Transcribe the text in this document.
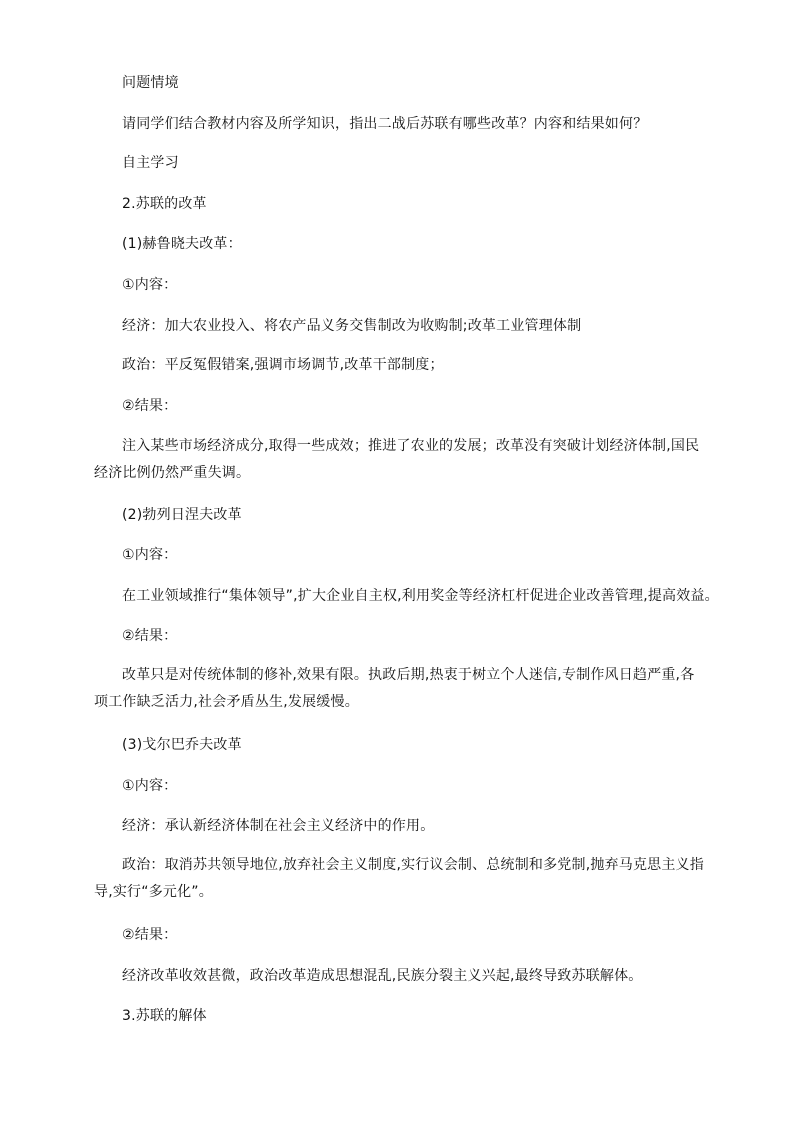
问题情境
请同学们结合教材内容及所学知识，指出二战后苏联有哪些改革？内容和结果如何？
自主学习
2.苏联的改革
(1)赫鲁晓夫改革：
①内容：
经济：加大农业投入、将农产品义务交售制改为收购制;改革工业管理体制
政治：平反冤假错案,强调市场调节,改革干部制度；
②结果：
注入某些市场经济成分,取得一些成效；推进了农业的发展；改革没有突破计划经济体制,国民经济比例仍然严重失调。
(2)勃列日涅夫改革
①内容：
在工业领域推行“集体领导”,扩大企业自主权,利用奖金等经济杠杆促进企业改善管理,提高效益。
②结果：
改革只是对传统体制的修补,效果有限。执政后期,热衷于树立个人迷信,专制作风日趋严重,各项工作缺乏活力,社会矛盾丛生,发展缓慢。
(3)戈尔巴乔夫改革
①内容：
经济：承认新经济体制在社会主义经济中的作用。
政治：取消苏共领导地位,放弃社会主义制度,实行议会制、总统制和多党制,抛弃马克思主义指导,实行“多元化”。
②结果：
经济改革收效甚微，政治改革造成思想混乱,民族分裂主义兴起,最终导致苏联解体。
3.苏联的解体
